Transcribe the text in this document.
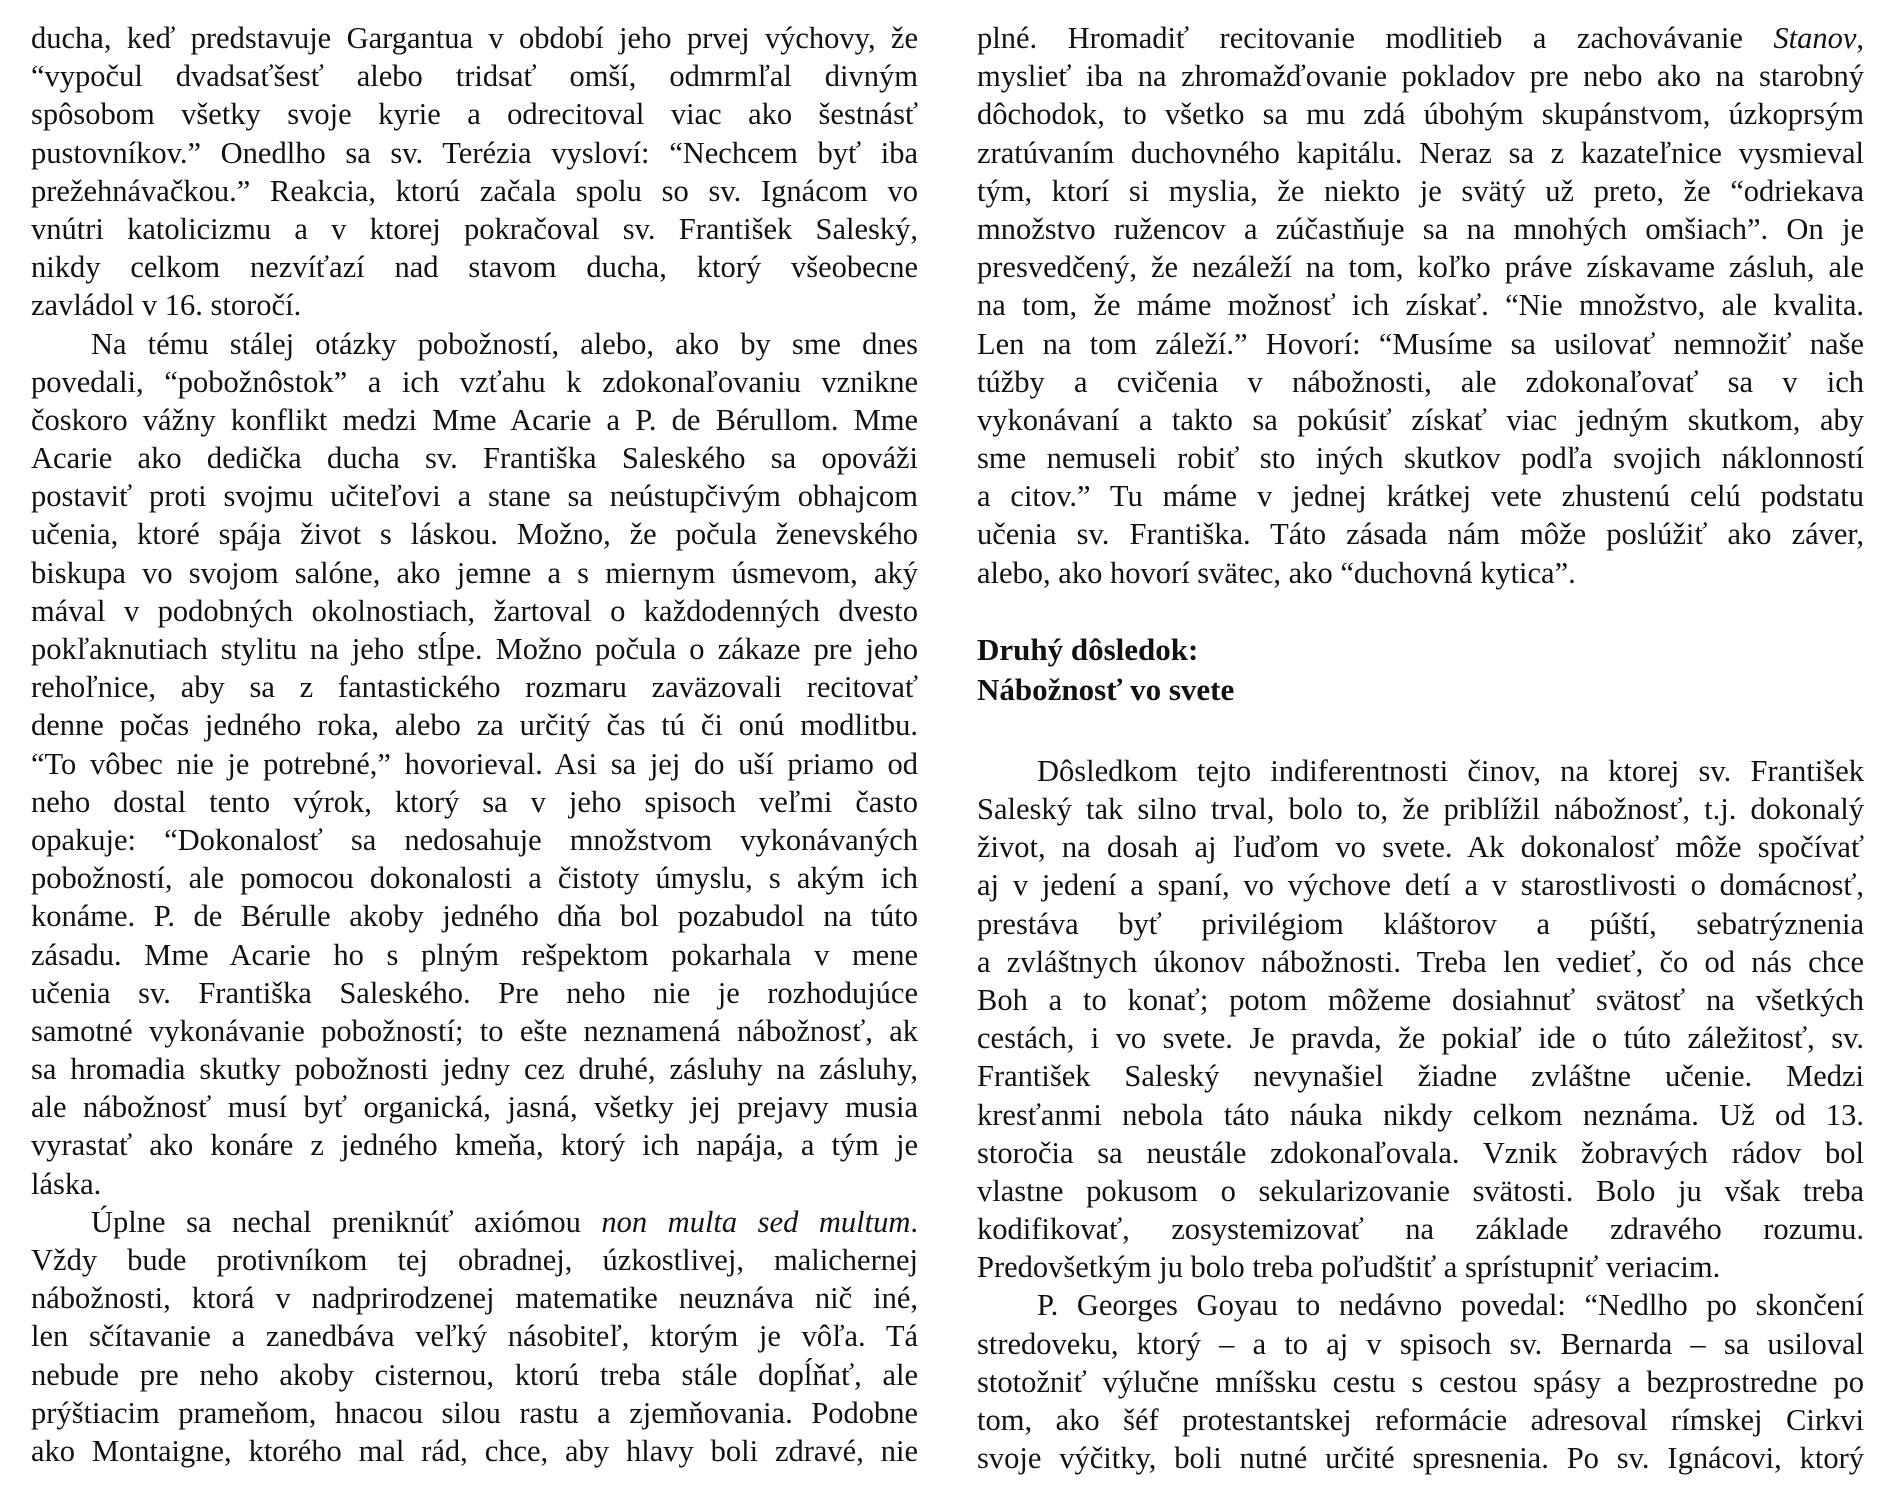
ducha, keď predstavuje Gargantua v období jeho prvej výchovy, že
“vypočul dvadsaťšesť alebo tridsať omší, odmrmľal divným
spôsobom všetky svoje kyrie a odrecitoval viac ako šestnásť
pustovníkov.” Onedlho sa sv. Terézia vysloví: “Nechcem byť iba
prežehnávačkou.” Reakcia, ktorú začala spolu so sv. Ignácom vo
vnútri katolicizmu a v ktorej pokračoval sv. František Saleský,
nikdy celkom nezvíťazí nad stavom ducha, ktorý všeobecne
zavládol v 16. storočí.
Na tému stálej otázky pobožností, alebo, ako by sme dnes
povedali, “pobožnôstok” a ich vzťahu k zdokonaľovaniu vznikne
čoskoro vážny konflikt medzi Mme Acarie a P. de Bérullom. Mme
Acarie ako dedička ducha sv. Františka Saleského sa opováži
postaviť proti svojmu učiteľovi a stane sa neústupčivým obhajcom
učenia, ktoré spája život s láskou. Možno, že počula ženevského
biskupa vo svojom salóne, ako jemne a s miernym úsmevom, aký
mával v podobných okolnostiach, žartoval o každodenných dvesto
pokľaknutiach stylitu na jeho stĺpe. Možno počula o zákaze pre jeho
rehoľnice, aby sa z fantastického rozmaru zaväzovali recitovať
denne počas jedného roka, alebo za určitý čas tú či onú modlitbu.
“To vôbec nie je potrebné,” hovorieval. Asi sa jej do uší priamo od
neho dostal tento výrok, ktorý sa v jeho spisoch veľmi často
opakuje: “Dokonalosť sa nedosahuje množstvom vykonávaných
pobožností, ale pomocou dokonalosti a čistoty úmyslu, s akým ich
konáme. P. de Bérulle akoby jedného dňa bol pozabudol na túto
zásadu. Mme Acarie ho s plným rešpektom pokarhala v mene
učenia sv. Františka Saleského. Pre neho nie je rozhodujúce
samotné vykonávanie pobožností; to ešte neznamená nábožnosť, ak
sa hromadia skutky pobožnosti jedny cez druhé, zásluhy na zásluhy,
ale nábožnosť musí byť organická, jasná, všetky jej prejavy musia
vyrastať ako konáre z jedného kmeňa, ktorý ich napája, a tým je
láska.
Úplne sa nechal preniknúť axiómou non multa sed multum.
Vždy bude protivníkom tej obradnej, úzkostlivej, malichernej
nábožnosti, ktorá v nadprirodzenej matematike neuznáva nič iné,
len sčítavanie a zanedbáva veľký násobiteľ, ktorým je vôľa. Tá
nebude pre neho akoby cisternou, ktorú treba stále dopĺňať, ale
prýštiacim prameňom, hnacou silou rastu a zjemňovania. Podobne
ako Montaigne, ktorého mal rád, chce, aby hlavy boli zdravé, nie
plné. Hromadiť recitovanie modlitieb a zachovávanie Stanov,
myslieť iba na zhromažďovanie pokladov pre nebo ako na starobný
dôchodok, to všetko sa mu zdá úbohým skupánstvom, úzkoprsým
zratúvaním duchovného kapitálu. Neraz sa z kazateľnice vysmieval
tým, ktorí si myslia, že niekto je svätý už preto, že “odriekava
množstvo ružencov a zúčastňuje sa na mnohých omšiach”. On je
presvedčený, že nezáleží na tom, koľko práve získavame zásluh, ale
na tom, že máme možnosť ich získať. “Nie množstvo, ale kvalita.
Len na tom záleží.” Hovorí: “Musíme sa usilovať nemnožiť naše
túžby a cvičenia v nábožnosti, ale zdokonaľovať sa v ich
vykonávaní a takto sa pokúsiť získať viac jedným skutkom, aby
sme nemuseli robiť sto iných skutkov podľa svojich náklonností
a citov.” Tu máme v jednej krátkej vete zhustenú celú podstatu
učenia sv. Františka. Táto zásada nám môže poslúžiť ako záver,
alebo, ako hovorí svätec, ako “duchovná kytica”.
Druhý dôsledok:
Nábožnosť vo svete
Dôsledkom tejto indiferentnosti činov, na ktorej sv. František
Saleský tak silno trval, bolo to, že priblížil nábožnosť, t.j. dokonalý
život, na dosah aj ľuďom vo svete. Ak dokonalosť môže spočívať
aj v jedení a spaní, vo výchove detí a v starostlivosti o domácnosť,
prestáva byť privilégiom kláštorov a púští, sebatrýznenia
a zvláštnych úkonov nábožnosti. Treba len vedieť, čo od nás chce
Boh a to konať; potom môžeme dosiahnuť svätosť na všetkých
cestách, i vo svete. Je pravda, že pokiaľ ide o túto záležitosť, sv.
František Saleský nevynašiel žiadne zvláštne učenie. Medzi
kresťanmi nebola táto náuka nikdy celkom neznáma. Už od 13.
storočia sa neustále zdokonaľovala. Vznik žobravých rádov bol
vlastne pokusom o sekularizovanie svätosti. Bolo ju však treba
kodifikovať, zosystemizovať na základe zdravého rozumu.
Predovšetkým ju bolo treba poľudštiť a sprístupniť veriacim.
P. Georges Goyau to nedávno povedal: “Nedlho po skončení
stredoveku, ktorý – a to aj v spisoch sv. Bernarda – sa usiloval
stotožniť výlučne mníšsku cestu s cestou spásy a bezprostredne po
tom, ako šéf protestantskej reformácie adresoval rímskej Cirkvi
svoje výčitky, boli nutné určité spresnenia. Po sv. Ignácovi, ktorý
